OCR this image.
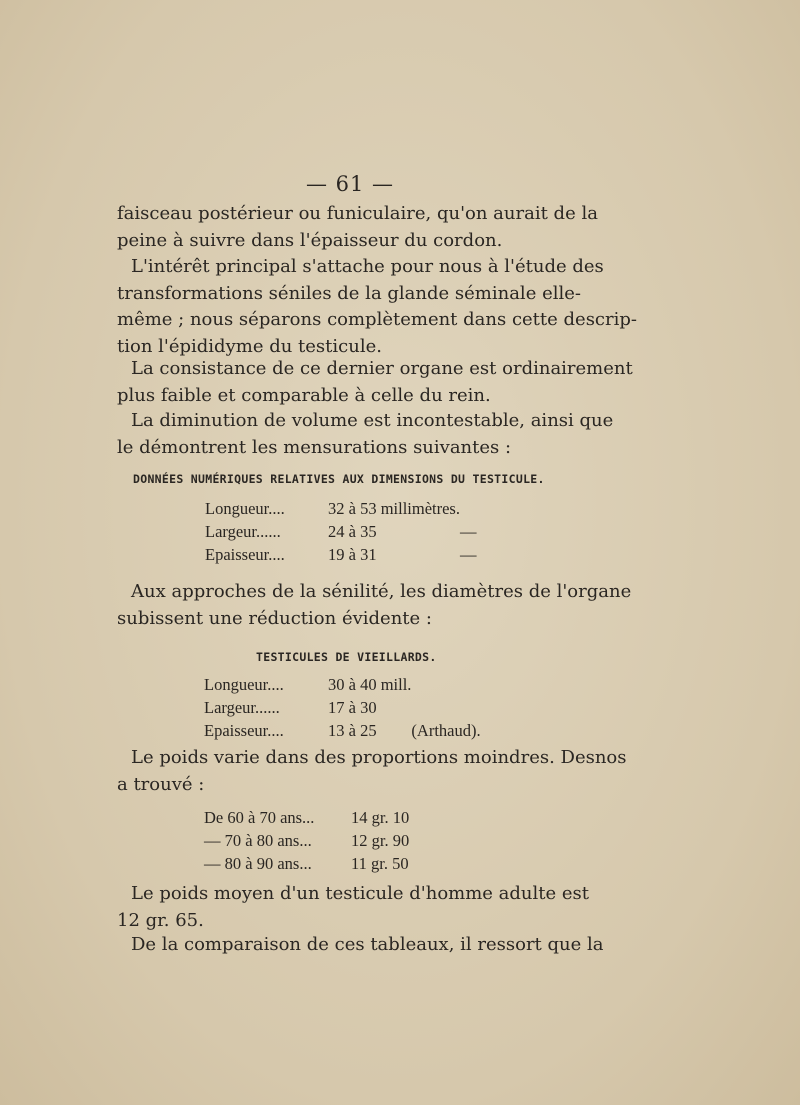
— 61 —

faisceau postérieur ou funiculaire, qu'on aurait de la
peine à suivre dans l'épaisseur du cordon.

L'intérêt principal s'attache pour nous à l'étude des
transformations séniles de la glande séminale elle-
même ; nous séparons complètement dans cette descrip-
tion l'épididyme du testicule.

La consistance de ce dernier organe est ordinairement
plus faible et comparable à celle du rein.

La diminution de volume est incontestable, ainsi que
le démontrent les mensurations suivantes :

DONNÉES NUMÉRIQUES RELATIVES AUX DIMENSIONS DU TESTICULE.
Longueur....	32 à 53 millimètres.	
Largeur......	24 à 35	—
Epaisseur....	19 à 31	—

Aux approches de la sénilité, les diamètres de l'organe
subissent une réduction évidente :

TESTICULES DE VIEILLARDS.
Longueur....	30 à 40 mill.	
Largeur......	17 à 30	
Epaisseur....	13 à 25	(Arthaud).

Le poids varie dans des proportions moindres. Desnos
a trouvé :

De 60 à 70 ans...	14 gr. 10
— 70 à 80 ans...	12 gr. 90
— 80 à 90 ans...	11 gr. 50

Le poids moyen d'un testicule d'homme adulte est
12 gr. 65.

De la comparaison de ces tableaux, il ressort que la
